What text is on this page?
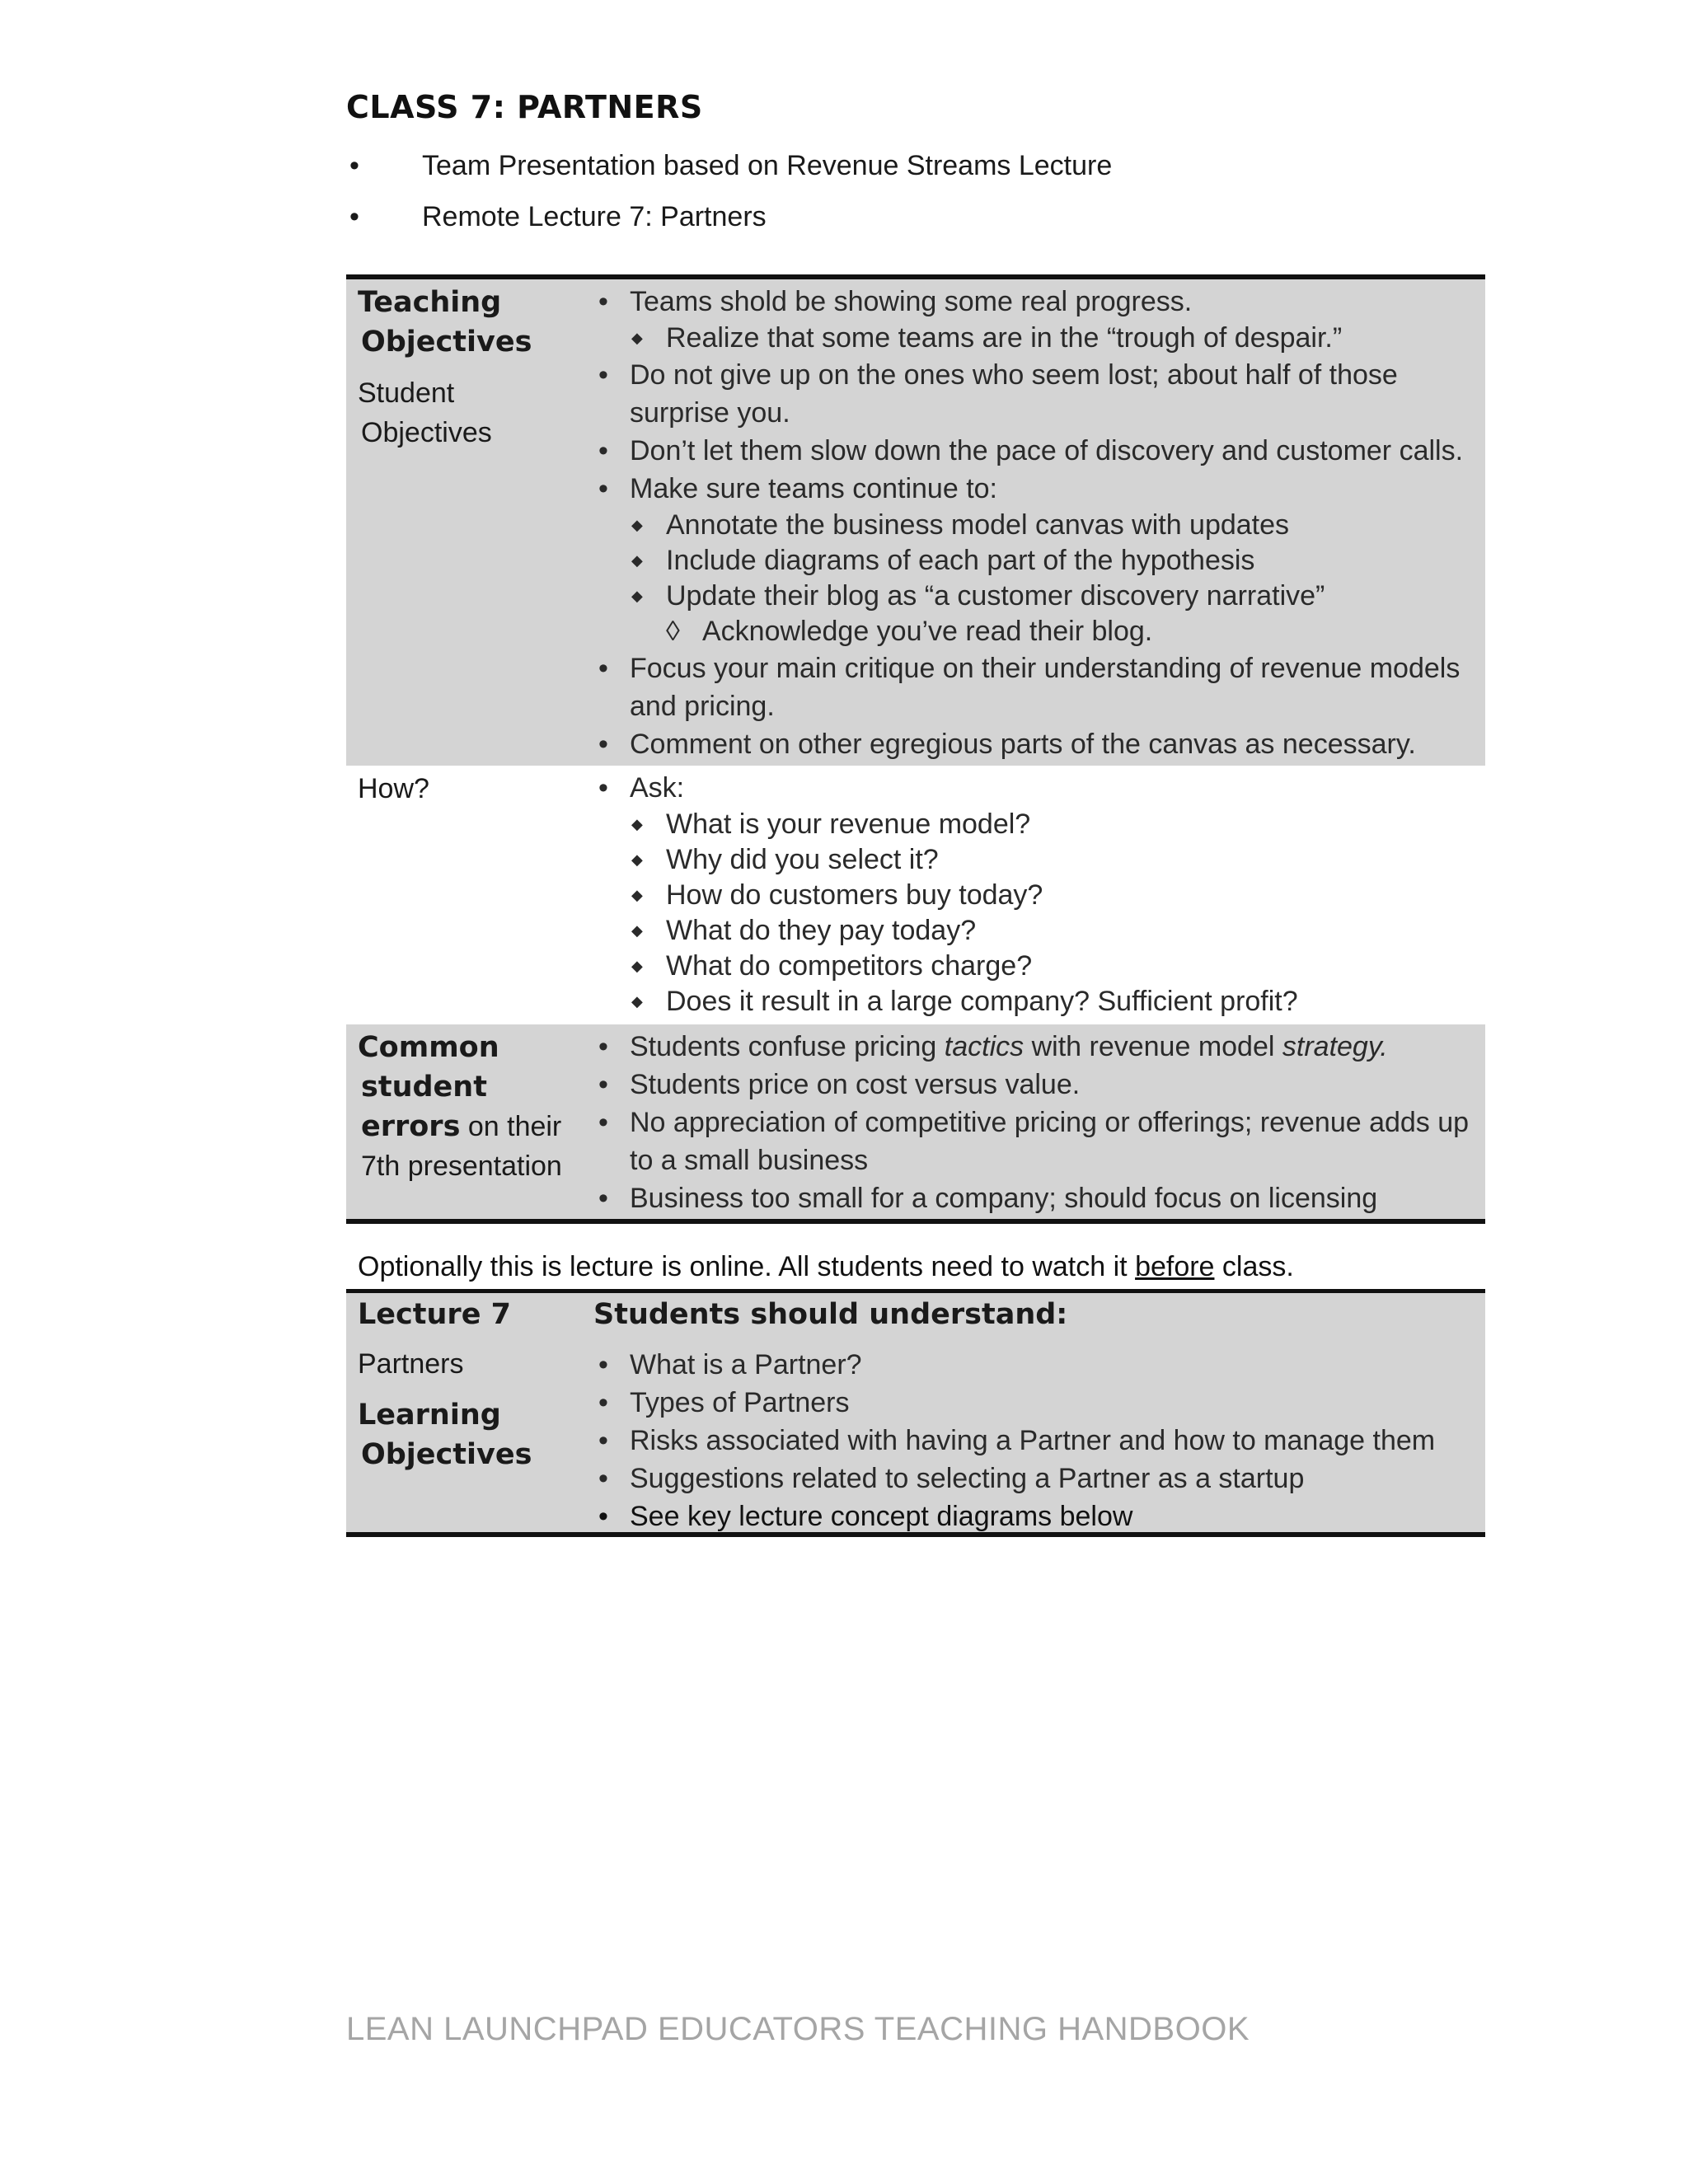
CLASS 7: PARTNERS
• Team Presentation based on Revenue Streams Lecture
• Remote Lecture 7: Partners
Teaching
Objectives
Student
Objectives
• Teams shold be showing some real progress.
◆ Realize that some teams are in the “trough of despair.”
• Do not give up on the ones who seem lost; about half of those surprise you.
• Don’t let them slow down the pace of discovery and customer calls.
• Make sure teams continue to:
◆ Annotate the business model canvas with updates
◆ Include diagrams of each part of the hypothesis
◆ Update their blog as “a customer discovery narrative”
◊ Acknowledge you’ve read their blog.
• Focus your main critique on their understanding of revenue models and pricing.
• Comment on other egregious parts of the canvas as necessary.
How?
•	Ask:
◆ What is your revenue model?
◆ Why did you select it?
◆ How do customers buy today?
◆ What do they pay today?
◆ What do competitors charge?
◆ Does it result in a large company? Sufficient profit?
Common
student
errors on their
7th presentation
• Students confuse pricing tactics with revenue model strategy.
• Students price on cost versus value.
• No appreciation of competitive pricing or offerings; revenue adds up to a small business
• Business too small for a company; should focus on licensing

Optionally this is lecture is online. All students need to watch it before class.

Lecture 7
Partners
Learning
Objectives
Students should understand:
• What is a Partner?
• Types of Partners
• Risks associated with having a Partner and how to manage them
• Suggestions related to selecting a Partner as a startup
• See key lecture concept diagrams below

LEAN LAUNCHPAD EDUCATORS TEACHING HANDBOOK
